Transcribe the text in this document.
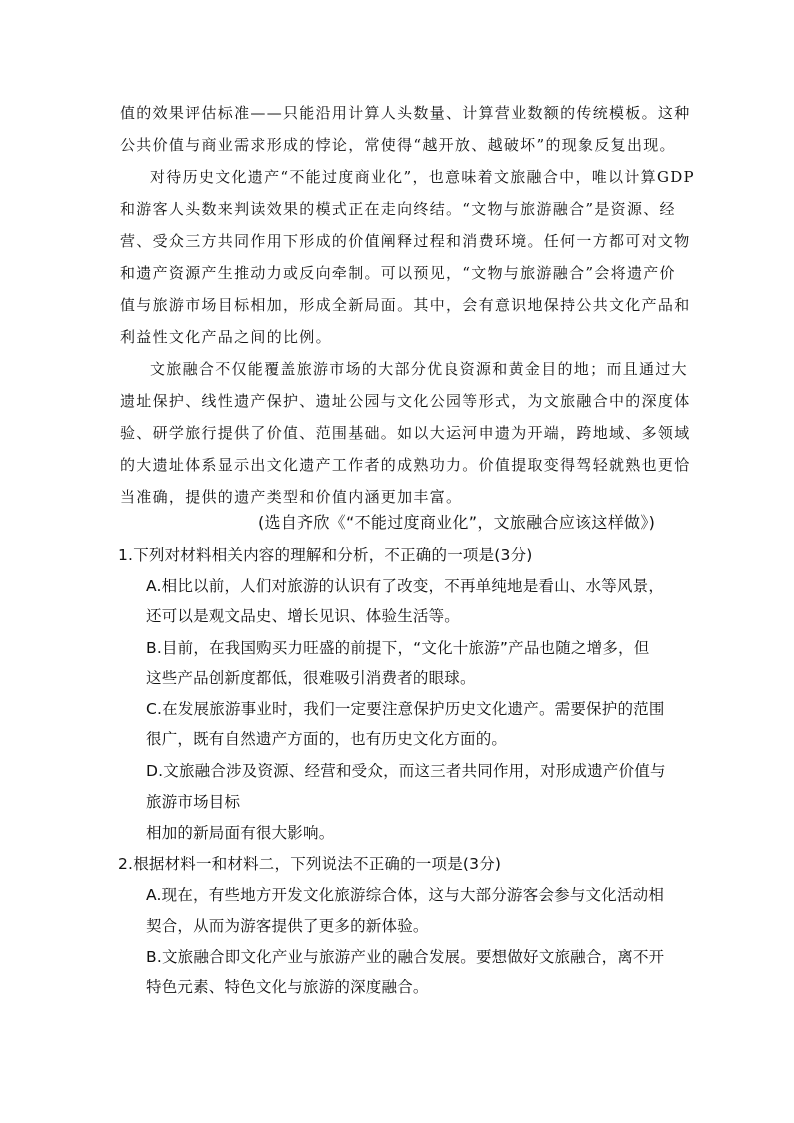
值的效果评估标准——只能沿用计算人头数量、计算营业数额的传统模板。这种
公共价值与商业需求形成的悖论，常使得“越开放、越破坏”的现象反复出现。
对待历史文化遗产“不能过度商业化”，也意味着文旅融合中，唯以计算GDP
和游客人头数来判读效果的模式正在走向终结。“文物与旅游融合”是资源、经
营、受众三方共同作用下形成的价值阐释过程和消费环境。任何一方都可对文物
和遗产资源产生推动力或反向牵制。可以预见，“文物与旅游融合”会将遗产价
值与旅游市场目标相加，形成全新局面。其中，会有意识地保持公共文化产品和
利益性文化产品之间的比例。
文旅融合不仅能覆盖旅游市场的大部分优良资源和黄金目的地；而且通过大
遗址保护、线性遗产保护、遗址公园与文化公园等形式，为文旅融合中的深度体
验、研学旅行提供了价值、范围基础。如以大运河申遗为开端，跨地域、多领域
的大遗址体系显示出文化遗产工作者的成熟功力。价值提取变得驾轻就熟也更恰
当准确，提供的遗产类型和价值内涵更加丰富。
(选自齐欣《“不能过度商业化”，文旅融合应该这样做》)
1.下列对材料相关内容的理解和分析，不正确的一项是(3分)
A.相比以前，人们对旅游的认识有了改变，不再单纯地是看山、水等风景，
还可以是观文品史、增长见识、体验生活等。
B.目前，在我国购买力旺盛的前提下，“文化十旅游”产品也随之增多，但
这些产品创新度都低，很难吸引消费者的眼球。
C.在发展旅游事业时，我们一定要注意保护历史文化遗产。需要保护的范围
很广，既有自然遗产方面的，也有历史文化方面的。
D.文旅融合涉及资源、经营和受众，而这三者共同作用，对形成遗产价值与
旅游市场目标
相加的新局面有很大影响。
2.根据材料一和材料二，下列说法不正确的一项是(3分)
A.现在，有些地方开发文化旅游综合体，这与大部分游客会参与文化活动相
契合，从而为游客提供了更多的新体验。
B.文旅融合即文化产业与旅游产业的融合发展。要想做好文旅融合，离不开
特色元素、特色文化与旅游的深度融合。
